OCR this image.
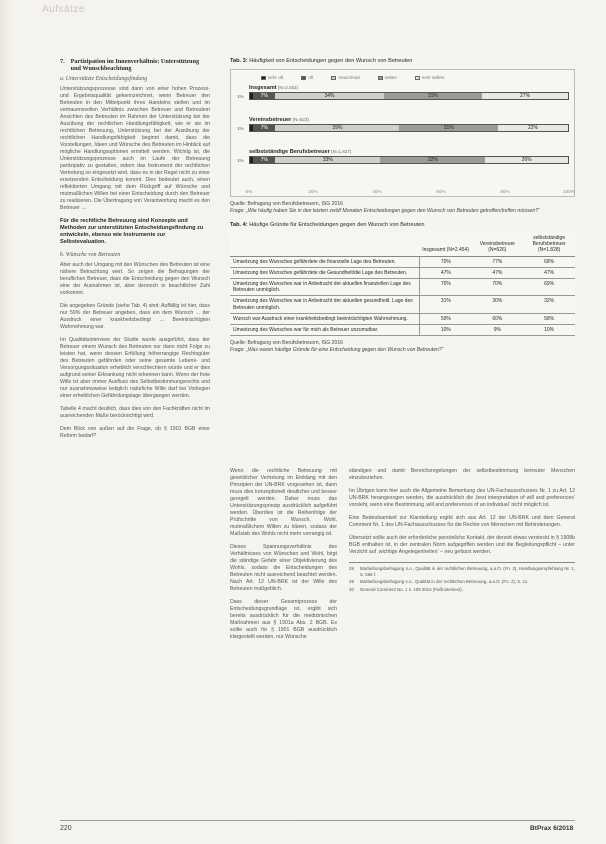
Aufsätze
7. Partizipation im Innenverhältnis: Unterstützung und Wunschbeachtung
a. Unterstützte Entscheidungsfindung

Unterstützungsprozesse sind dann von einer hohen Prozess- und Ergebnisqualität gekennzeichnet, wenn Betreuer den Betreuten in den Mittelpunkt ihres Handelns stellen und im vertrauensvollen Verhältnis zwischen Betreuer und Betreutem Ansichten des Betreuten im Rahmen der Unterstützung bei der Ausübung der rechtlichen Handlungsfähigkeit, wie er sie im rechtlichen Betreuung, Unterstützung bei der Ausübung der rechtlichen Handlungsfähigkeit beginnt damit, dass die Vorstellungen, Ideen und Wünsche des Betreuten im Hinblick auf mögliche Handlungsoptionen ermittelt werden. Wichtig ist, die Unterstützungsprozesse auch im Laufe der Betreuung partizipativ zu gestalten, indem das Instrument der rechtlichen Vertretung so eingesetzt wird, dass es in der Regel nicht zu einer ersetzenden Entscheidung kommt. Dies bedeutet auch, einen reflektierten Umgang mit dem Rückgriff auf Wünsche und mutmaßlichen Willen bei einer Entscheidung durch den Betreuer zu realisieren. Die Übertragung von Verantwortung macht es den Betreuer ...

Für die rechtliche Betreuung sind Konzepte und Methoden zur unterstützten Entscheidungsfindung zu entwickeln, ebenso wie Instrumente zur Selbstevaluation.

b. Wünsche von Betreuten

Aber auch der Umgang mit den Wünschen des Betreuten ist eine nähere Betrachtung wert. So zeigen die Befragungen der beruflichen Betreuer, dass die Entscheidung gegen den Wunsch eine der Ausnahmen ist, aber dennoch in beachtlicher Zahl vorkommt.

Die angegeben Gründe (siehe Tab. 4) sind: Auffällig ist hier, dass nur 59% der Betreuer angeben, dass ein dem Wunsch ... der Ausdruck einer krankheitsbedingt ... Beeinträchtigten Wahrnehmung war.

Im Qualitätsinterview der Studie wurde ausgeführt, dass der Betreuer einem Wunsch des Betreuten nur dann nicht Folge zu leisten hat, wenn dessen Erfüllung höherrangige Rechtsgüter des Betreuten gefährden oder seine gesamte Lebens- und Versorgungssituation erheblich verschlechtern würde und er dies aufgrund seiner Erkrankung nicht erkennen kann. Wenn der freie Wille ist aber immer Ausfluss des Selbstbestimmungsrechts und nur ausnahmsweise lediglich natürliche Wille darf bei Vorliegen einer erheblichen Gefährdungslage übergangen werden.

Tabelle 4 macht deutlich, dass dies von den Fachkräften nicht im ausreichenden Maße berücksichtigt wird.

Dem Blick von außen auf die Frage, ob § 1901 BGB einer Reform bedarf?

Tab. 3: Häufigkeit von Entscheidungen gegen den Wunsch von Betreuten
sehr oft	oft	manchmal	selten	sehr selten
Insgesamt (N=2.452)
1%	7%	34%	31%	27%
Vereinsbetreuer (N=623)
1%	7%	39%	31%	22%
selbstständige Berufsbetreuer (N=1.827)
1%	7%	33%	32%	26%
0%	20%	40%	60%	80%	100%
Quelle: Befragung von Berufsbetreuern, ISG 2016
Frage: „Wie häufig haben Sie in den letzten zwölf Monaten Entscheidungen gegen den Wunsch von Betreuten getroffen/treffen müssen?“
Tab. 4: Häufige Gründe für Entscheidungen gegen den Wunsch von Betreuten
	Insgesamt (N=2.454)	Vereinsbetreuer (N=626)	selbstständige Berufsbetreuer (N=1.828)
Umsetzung des Wunsches gefährdete die finanzielle Lage des Betreuten.	70%	77%	68%
Umsetzung des Wunsches gefährdete die Gesundheit/die Lage des Betreuten.	47%	47%	47%
Umsetzung des Wunsches war in Anbetracht der aktuellen finanziellen Lage des Betreuten unmöglich.	70%	70%	69%
Umsetzung des Wunsches war in Anbetracht der aktuellen gesundheitl. Lage des Betreuten unmöglich.	31%	30%	32%
Wunsch war Ausdruck einer krankheitsbedingt beeinträchtigten Wahrnehmung.	59%	60%	58%
Umsetzung des Wunsches war für mich als Betreuer unzumutbar.	10%	9%	10%
Quelle: Befragung von Berufsbetreuern, ISG 2016
Frage: „Was waren häufige Gründe für eine Entscheidung gegen den Wunsch von Betreuten?“

Wenn die rechtliche Betreuung mit gesetzlicher Vertretung im Einklang mit den Prinzipien der UN-BRK vorgesehen ist, dann muss dies konzeptionell deutlicher und besser geregelt werden. Daher muss das Unterstützungsprinzip ausdrücklich aufgeführt werden. Überdies ist die Reihenfolge der Prüfschritte von Wunsch, Wohl, mutmaßlichem Willen zu klären, sodass der Maßstab des Wohls nicht mehr vorrangig ist.

Dieses Spannungsverhältnis des Verhältnisses von Wünschen und Wohl, birgt die ständige Gefahr einer Objektivierung des Wohls, sodass die Entscheidungen des Betreuten nicht ausreichend beachtet werden. Nach Art. 12 UN-BRK ist der Wille des Betreuten maßgeblich.

Dass dieser Gesamtprozess der Entscheidungsgrundlage ist, ergibt sich bereits ausdrücklich für die medizinischen Maßnahmen aus § 1901a Abs. 2 BGB. Es sollte auch für § 1901 BGB ausdrücklich klargestellt werden, nur Wünsche

ständigen und damit Bereichsregelungen der selbstbestimmung betreuter Menschen einzubeziehen.

Im Übrigen kann hier auch die Allgemeine Bemerkung des UN-Fachausschusses Nr. 1 zu Art. 12 UN-BRK herangezogen werden, die ausdrücklich die ‚best interpretation of will and preferences‘ vorsieht, wenn eine Bestimmung ‚will and preferences of an individual‘ nicht möglich ist.

Eine Bedeutsamkeit zur Klarstellung ergibt sich aus Art. 12 der UN-BRK und dem General Comment Nr. 1 des UN-Fachausschusses für die Rechte von Menschen mit Behinderungen.

Übersetzt sollte auch der erforderliche persönliche Kontakt, der derzeit etwas versteckt in § 1908b BGB enthalten ist, in der zentralen Norm aufgegriffen werden und die Begleitungspflicht – unter Verzicht auf ‚wichtige Angelegenheiten‘ – neu gefasst werden.

28 Marbeßungsbefragung s.o., Qualität in der rechtlichen Betreuung, a.a.O. (Fn. 2), Handlungsempfehlung Nr. 1, S. 566 f.
29 Marbeßungsbefragung s.o., Qualität in der rechtlichen Betreuung, a.a.O. (Fn. 2), S. 11.
30 General Comment No. 1 s. 109 2014 (Fußnotentext).
220	BtPrax 6/2018
